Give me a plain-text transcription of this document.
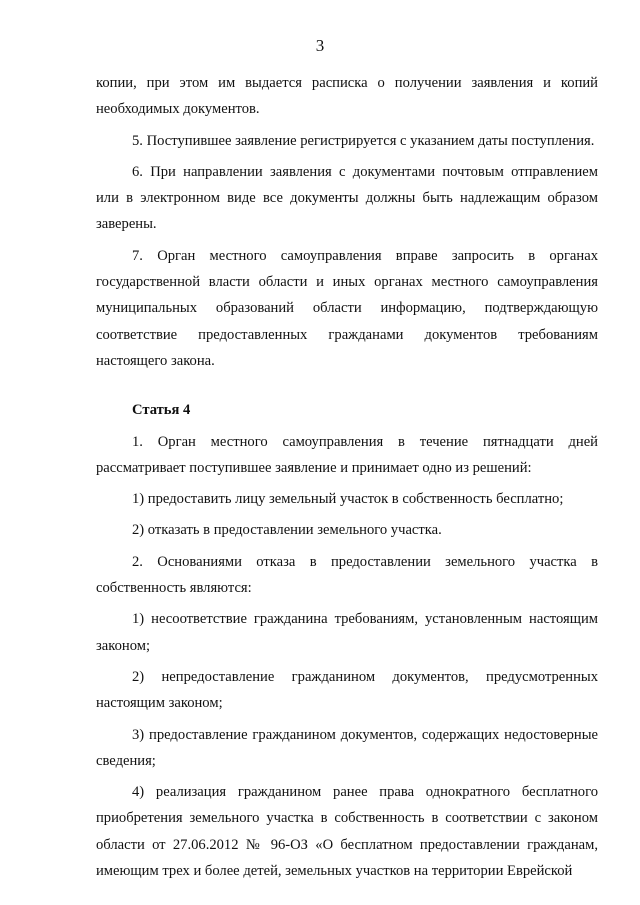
3

копии, при этом им выдается расписка о получении заявления и копий необходимых документов.

5. Поступившее заявление регистрируется с указанием даты поступления.

6. При направлении заявления с документами почтовым отправлением или в электронном виде все документы должны быть надлежащим образом заверены.

7. Орган местного самоуправления вправе запросить в органах государственной власти области и иных органах местного самоуправления муниципальных образований области информацию, подтверждающую соответствие предоставленных гражданами документов требованиям настоящего закона.

Статья 4

1. Орган местного самоуправления в течение пятнадцати дней рассматривает поступившее заявление и принимает одно из решений:

1) предоставить лицу земельный участок в собственность бесплатно;

2) отказать в предоставлении земельного участка.

2. Основаниями отказа в предоставлении земельного участка в собственность являются:

1) несоответствие гражданина требованиям, установленным настоящим законом;

2) непредоставление гражданином документов, предусмотренных настоящим законом;

3) предоставление гражданином документов, содержащих недостоверные сведения;

4) реализация гражданином ранее права однократного бесплатного приобретения земельного участка в собственность в соответствии с законом области от 27.06.2012 № 96-ОЗ «О бесплатном предоставлении гражданам, имеющим трех и более детей, земельных участков на территории Еврейской
